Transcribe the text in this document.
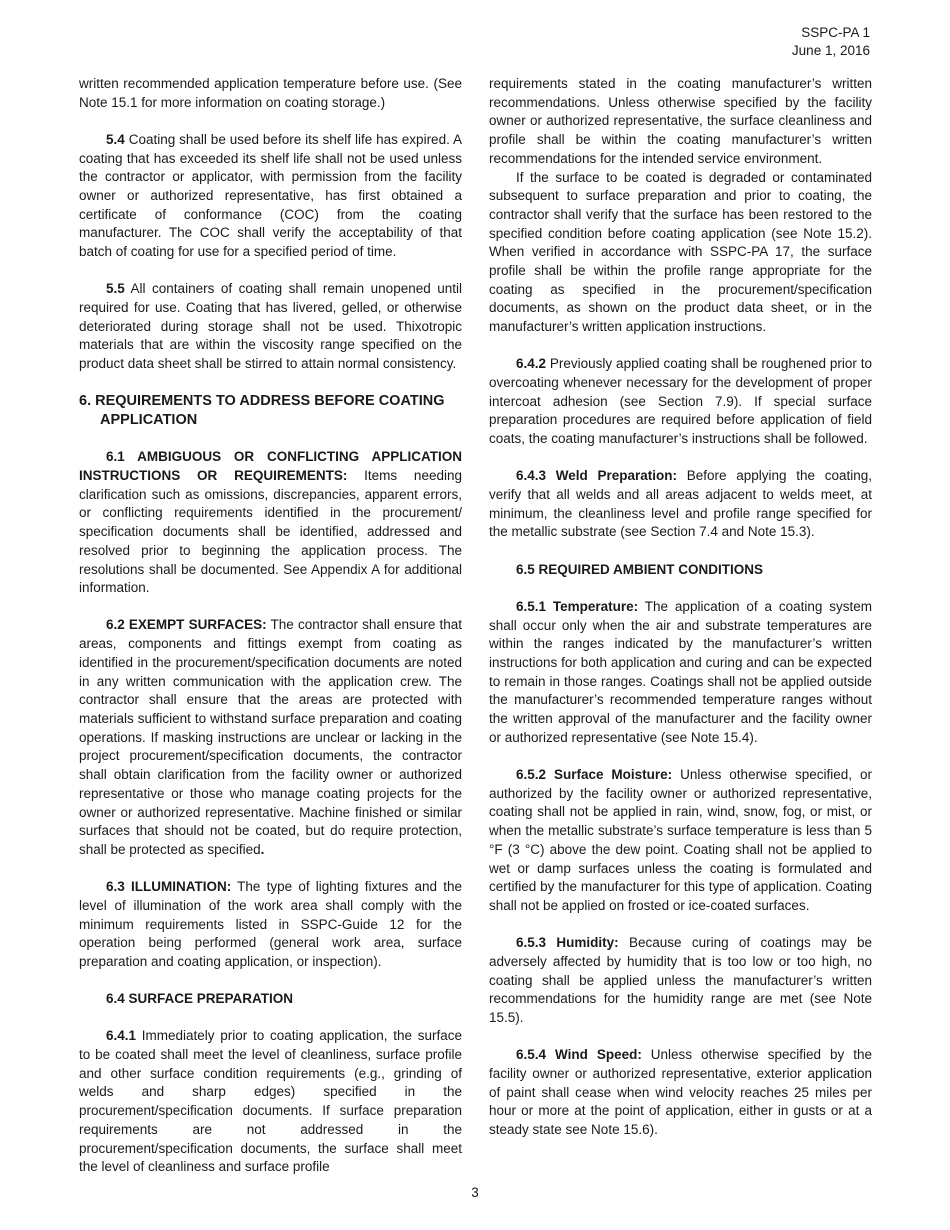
SSPC-PA 1
June 1, 2016

written recommended application temperature before use. (See Note 15.1 for more information on coating storage.)

5.4 Coating shall be used before its shelf life has expired. A coating that has exceeded its shelf life shall not be used unless the contractor or applicator, with permission from the facility owner or authorized representative, has first obtained a certificate of conformance (COC) from the coating manufacturer. The COC shall verify the acceptability of that batch of coating for use for a specified period of time.

5.5 All containers of coating shall remain unopened until required for use. Coating that has livered, gelled, or otherwise deteriorated during storage shall not be used. Thixotropic materials that are within the viscosity range specified on the product data sheet shall be stirred to attain normal consistency.

6. REQUIREMENTS TO ADDRESS BEFORE COATING APPLICATION

6.1 AMBIGUOUS OR CONFLICTING APPLICATION INSTRUCTIONS OR REQUIREMENTS: Items needing clarification such as omissions, discrepancies, apparent errors, or conflicting requirements identified in the procurement/ specification documents shall be identified, addressed and resolved prior to beginning the application process. The resolutions shall be documented. See Appendix A for additional information.

6.2 EXEMPT SURFACES: The contractor shall ensure that areas, components and fittings exempt from coating as identified in the procurement/specification documents are noted in any written communication with the application crew. The contractor shall ensure that the areas are protected with materials sufficient to withstand surface preparation and coating operations. If masking instructions are unclear or lacking in the project procurement/specification documents, the contractor shall obtain clarification from the facility owner or authorized representative or those who manage coating projects for the owner or authorized representative. Machine finished or similar surfaces that should not be coated, but do require protection, shall be protected as specified.

6.3 ILLUMINATION: The type of lighting fixtures and the level of illumination of the work area shall comply with the minimum requirements listed in SSPC-Guide 12 for the operation being performed (general work area, surface preparation and coating application, or inspection).

6.4 SURFACE PREPARATION

6.4.1 Immediately prior to coating application, the surface to be coated shall meet the level of cleanliness, surface profile and other surface condition requirements (e.g., grinding of welds and sharp edges) specified in the procurement/specification documents. If surface preparation requirements are not addressed in the procurement/specification documents, the surface shall meet the level of cleanliness and surface profile

requirements stated in the coating manufacturer’s written recommendations. Unless otherwise specified by the facility owner or authorized representative, the surface cleanliness and profile shall be within the coating manufacturer’s written recommendations for the intended service environment.

If the surface to be coated is degraded or contaminated subsequent to surface preparation and prior to coating, the contractor shall verify that the surface has been restored to the specified condition before coating application (see Note 15.2). When verified in accordance with SSPC-PA 17, the surface profile shall be within the profile range appropriate for the coating as specified in the procurement/specification documents, as shown on the product data sheet, or in the manufacturer’s written application instructions.

6.4.2 Previously applied coating shall be roughened prior to overcoating whenever necessary for the development of proper intercoat adhesion (see Section 7.9). If special surface preparation procedures are required before application of field coats, the coating manufacturer’s instructions shall be followed.

6.4.3 Weld Preparation: Before applying the coating, verify that all welds and all areas adjacent to welds meet, at minimum, the cleanliness level and profile range specified for the metallic substrate (see Section 7.4 and Note 15.3).

6.5 REQUIRED AMBIENT CONDITIONS

6.5.1 Temperature: The application of a coating system shall occur only when the air and substrate temperatures are within the ranges indicated by the manufacturer’s written instructions for both application and curing and can be expected to remain in those ranges. Coatings shall not be applied outside the manufacturer’s recommended temperature ranges without the written approval of the manufacturer and the facility owner or authorized representative (see Note 15.4).

6.5.2 Surface Moisture: Unless otherwise specified, or authorized by the facility owner or authorized representative, coating shall not be applied in rain, wind, snow, fog, or mist, or when the metallic substrate’s surface temperature is less than 5 °F (3 °C) above the dew point. Coating shall not be applied to wet or damp surfaces unless the coating is formulated and certified by the manufacturer for this type of application. Coating shall not be applied on frosted or ice-coated surfaces.

6.5.3 Humidity: Because curing of coatings may be adversely affected by humidity that is too low or too high, no coating shall be applied unless the manufacturer’s written recommendations for the humidity range are met (see Note 15.5).

6.5.4 Wind Speed: Unless otherwise specified by the facility owner or authorized representative, exterior application of paint shall cease when wind velocity reaches 25 miles per hour or more at the point of application, either in gusts or at a steady state see Note 15.6).

3
